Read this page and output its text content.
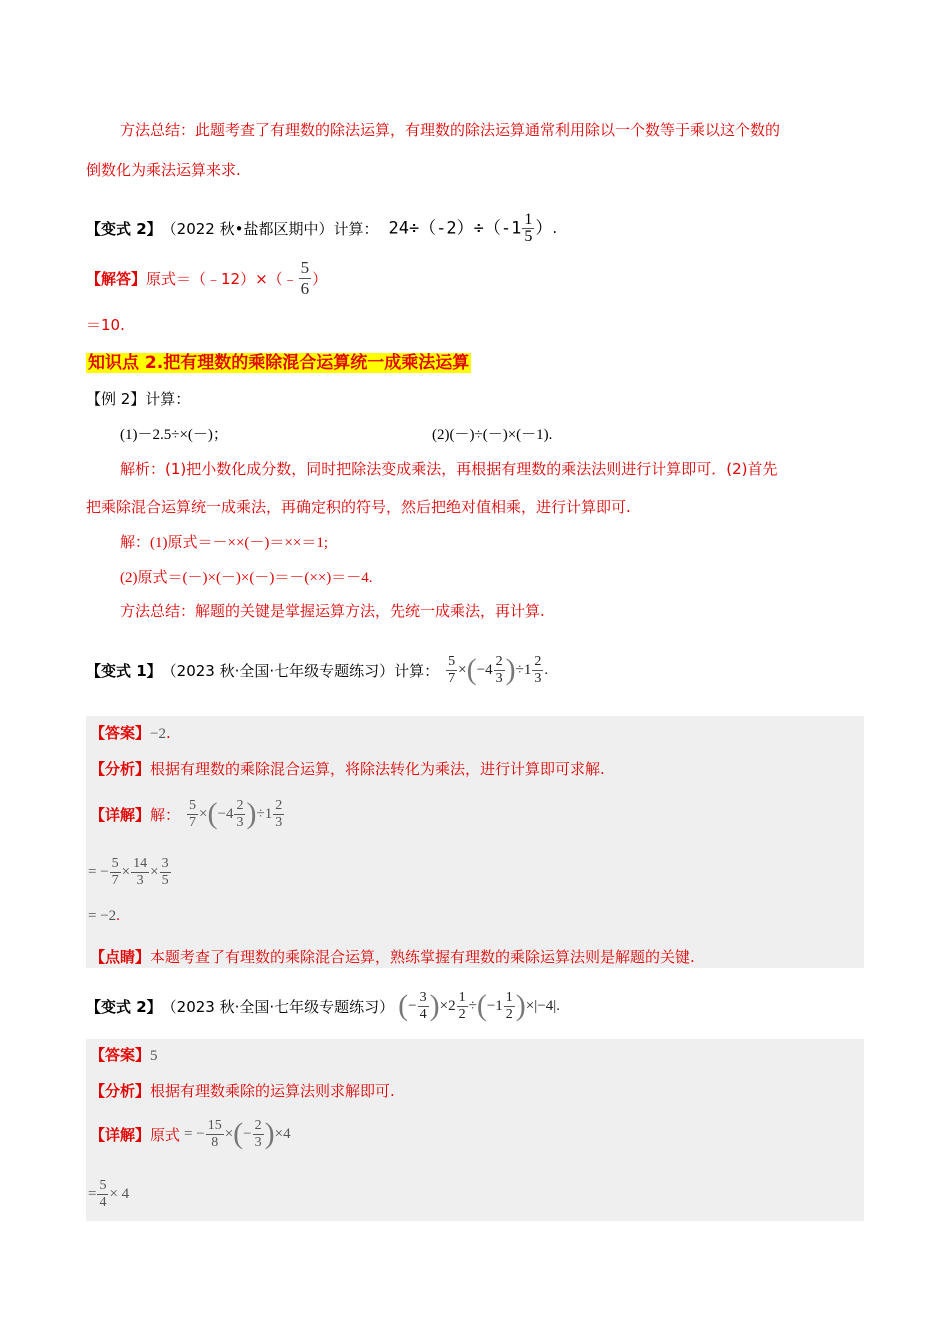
方法总结：此题考查了有理数的除法运算，有理数的除法运算通常利用除以一个数等于乘以这个数的
倒数化为乘法运算来求.
【变式 2】 （2022 秋•盐都区期中）计算： $24\div(-2)\div(-1 \frac{1}{5}$ ） .
【解答】 原式＝（﹣12）×（﹣ $\frac{5}{6}$ ）
＝10.
知识点 2.把有理数的乘除混合运算统一成乘法运算
【例 2】计算：
(1)－2.5÷×(－)；	(2)(－)÷(－)×(－1).
解析：(1)把小数化成分数，同时把除法变成乘法，再根据有理数的乘法法则进行计算即可．(2)首先
把乘除混合运算统一成乘法，再确定积的符号，然后把绝对值相乘，进行计算即可.
解：(1)原式＝－××(－)＝××＝1;
(2)原式＝(－)×(－)×(－)＝－(××)＝－4.
方法总结：解题的关键是掌握运算方法，先统一成乘法，再计算.
【变式 1】 （2023 秋·全国·七年级专题练习）计算： $\frac{5}{7}$ × ( $-4 \frac{2}{3}$ ) $\div 1 \frac{2}{3}$ .
【答案】−2.
【分析】根据有理数的乘除混合运算，将除法转化为乘法，进行计算即可求解.
【详解】 解： $\frac{5}{7}$ × ( $-4 \frac{2}{3}$ ) $\div 1 \frac{2}{3}$
= − $\frac{5}{7} \times \frac{14}{3} \times \frac{3}{5}$
= −2.
【点睛】本题考查了有理数的乘除混合运算，熟练掌握有理数的乘除运算法则是解题的关键.
【变式 2】 （2023 秋·全国·七年级专题练习） ( − $\frac{3}{4}$ ) $\times 2 \frac{1}{2}$ ÷ ( $-1 \frac{1}{2}$ ) ×|−4|.
【答案】5
【分析】根据有理数乘除的运算法则求解即可.
【详解】 原式 = − $\frac{15}{8}$ × ( − $\frac{2}{3}$ ) ×4
= $\frac{5}{4} \times 4$
